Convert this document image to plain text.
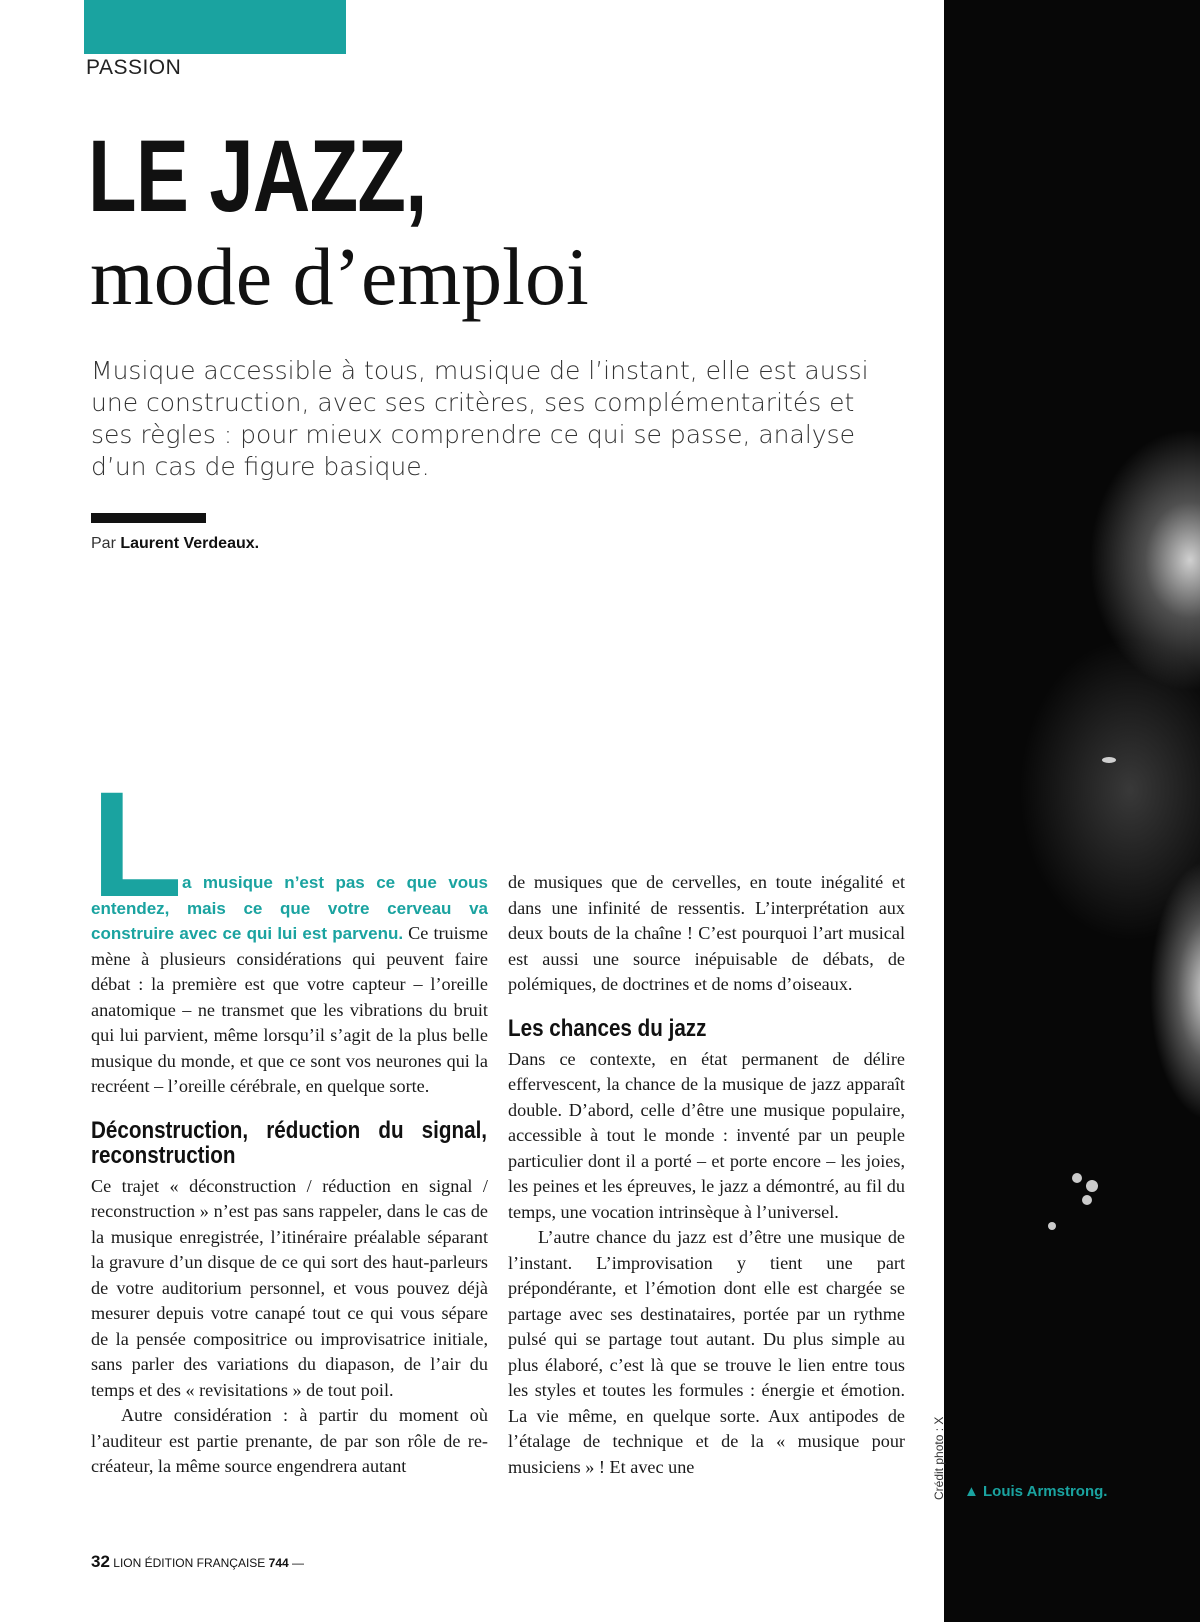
PASSION
LE JAZZ,
mode d’emploi
Musique accessible à tous, musique de l’instant, elle est aussi une construction, avec ses critères, ses complémentarités et ses règles : pour mieux comprendre ce qui se passe, analyse d’un cas de figure basique.
Par Laurent Verdeaux.
L a musique n’est pas ce que vous entendez, mais ce que votre cerveau va construire avec ce qui lui est parvenu. Ce truisme mène à plusieurs considérations qui peuvent faire débat : la première est que votre capteur – l’oreille anatomique – ne transmet que les vibrations du bruit qui lui parvient, même lorsqu’il s’agit de la plus belle musique du monde, et que ce sont vos neurones qui la recréent – l’oreille cérébrale, en quelque sorte.

Déconstruction, réduction du signal, reconstruction

Ce trajet « déconstruction / réduction en signal / reconstruction » n’est pas sans rappeler, dans le cas de la musique enregistrée, l’itinéraire préalable séparant la gravure d’un disque de ce qui sort des haut-parleurs de votre auditorium personnel, et vous pouvez déjà mesurer depuis votre canapé tout ce qui vous sépare de la pensée compositrice ou improvisatrice initiale, sans parler des variations du diapason, de l’air du temps et des « revisitations » de tout poil.

Autre considération : à partir du moment où l’auditeur est partie prenante, de par son rôle de re-créateur, la même source engendrera autant

de musiques que de cervelles, en toute inégalité et dans une infinité de ressentis. L’interprétation aux deux bouts de la chaîne ! C’est pourquoi l’art musical est aussi une source inépuisable de débats, de polémiques, de doctrines et de noms d’oiseaux.

Les chances du jazz

Dans ce contexte, en état permanent de délire effervescent, la chance de la musique de jazz apparaît double. D’abord, celle d’être une musique populaire, accessible à tout le monde : inventé par un peuple particulier dont il a porté – et porte encore – les joies, les peines et les épreuves, le jazz a démontré, au fil du temps, une vocation intrinsèque à l’universel.

L’autre chance du jazz est d’être une musique de l’instant. L’improvisation y tient une part prépondérante, et l’émotion dont elle est chargée se partage avec ses destinataires, portée par un rythme pulsé qui se partage tout autant. Du plus simple au plus élaboré, c’est là que se trouve le lien entre tous les styles et toutes les formules : énergie et émotion. La vie même, en quelque sorte. Aux antipodes de l’étalage de technique et de la « musique pour musiciens » ! Et avec une	Crédit photo : X ▲ Louis Armstrong.
32 LION ÉDITION FRANÇAISE 744 —
